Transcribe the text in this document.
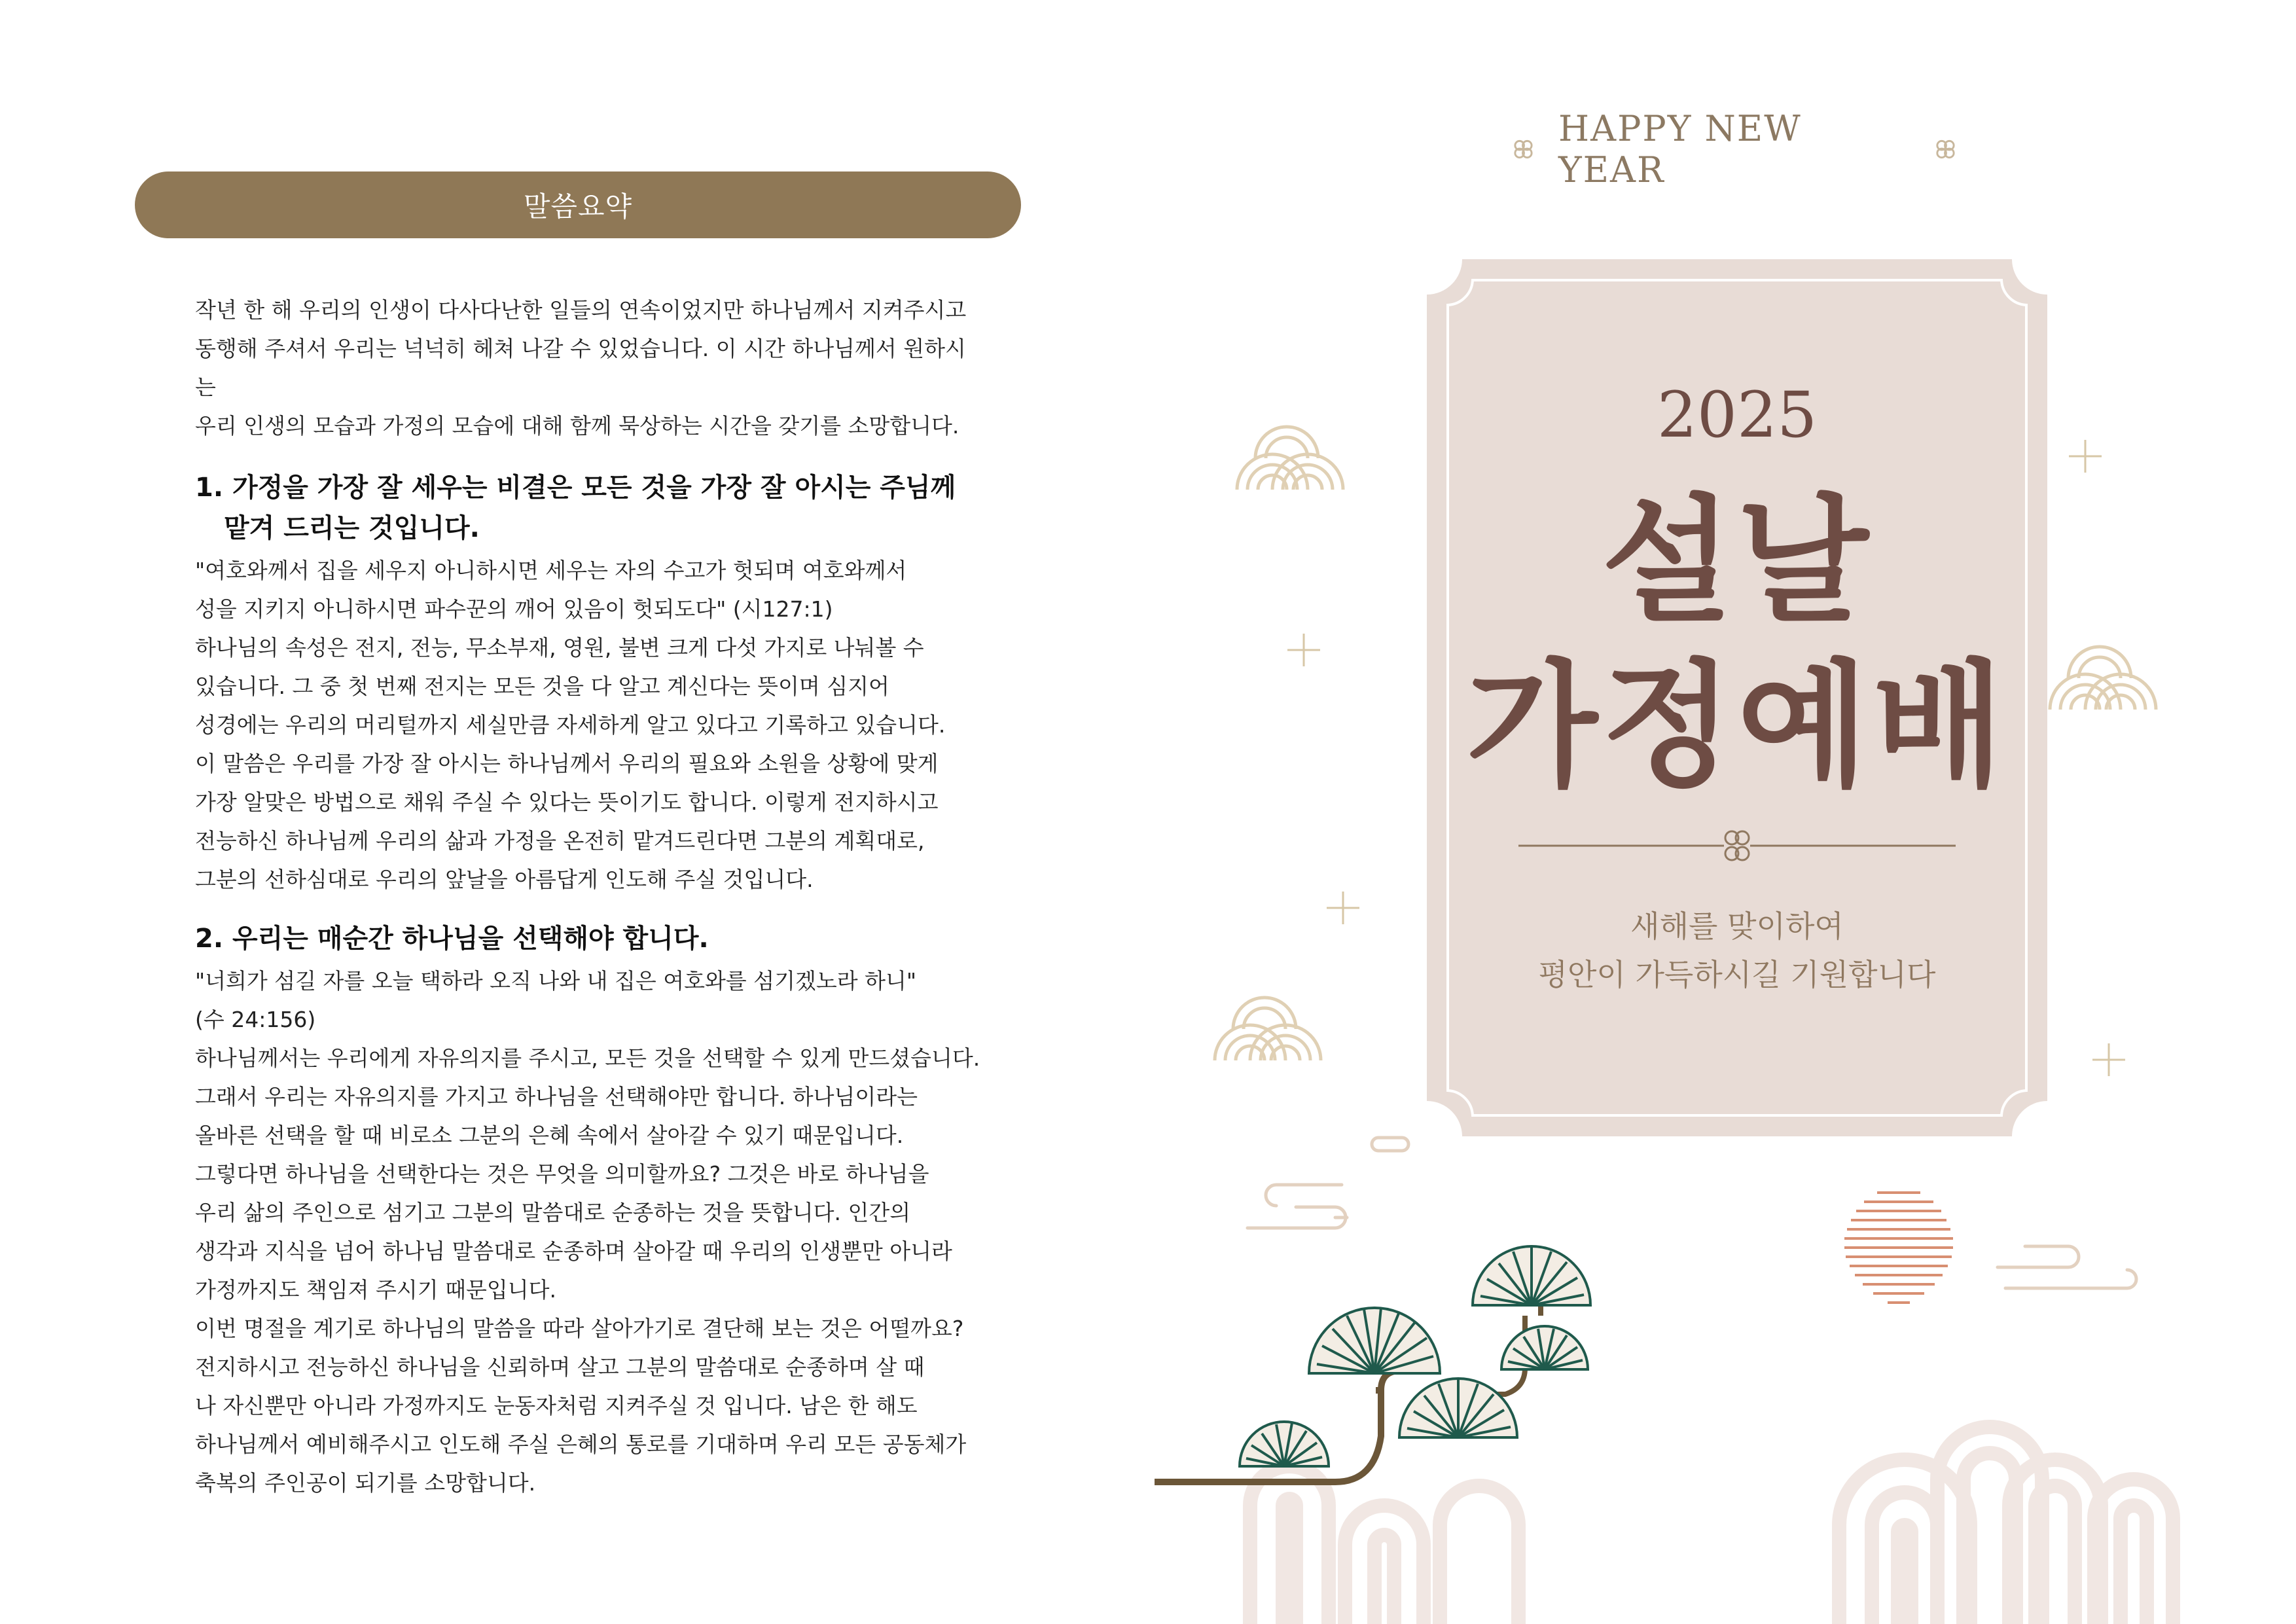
말씀요약

작년 한 해 우리의 인생이 다사다난한 일들의 연속이었지만 하나님께서 지켜주시고

동행해 주셔서 우리는 넉넉히 헤쳐 나갈 수 있었습니다. 이 시간 하나님께서 원하시는

우리 인생의 모습과 가정의 모습에 대해 함께 묵상하는 시간을 갖기를 소망합니다.

1. 가정을 가장 잘 세우는 비결은 모든 것을 가장 잘 아시는 주님께
맡겨 드리는 것입니다.

"여호와께서 집을 세우지 아니하시면 세우는 자의 수고가 헛되며 여호와께서

성을 지키지 아니하시면 파수꾼의 깨어 있음이 헛되도다" (시127:1)

하나님의 속성은 전지, 전능, 무소부재, 영원, 불변 크게 다섯 가지로 나눠볼 수

있습니다. 그 중 첫 번째 전지는 모든 것을 다 알고 계신다는 뜻이며 심지어

성경에는 우리의 머리털까지 세실만큼 자세하게 알고 있다고 기록하고 있습니다.

이 말씀은 우리를 가장 잘 아시는 하나님께서 우리의 필요와 소원을 상황에 맞게

가장 알맞은 방법으로 채워 주실 수 있다는 뜻이기도 합니다. 이렇게 전지하시고

전능하신 하나님께 우리의 삶과 가정을 온전히 맡겨드린다면 그분의 계획대로,

그분의 선하심대로 우리의 앞날을 아름답게 인도해 주실 것입니다.

2. 우리는 매순간 하나님을 선택해야 합니다.

"너희가 섬길 자를 오늘 택하라 오직 나와 내 집은 여호와를 섬기겠노라 하니"

(수 24:156)

하나님께서는 우리에게 자유의지를 주시고, 모든 것을 선택할 수 있게 만드셨습니다.

그래서 우리는 자유의지를 가지고 하나님을 선택해야만 합니다. 하나님이라는

올바른 선택을 할 때 비로소 그분의 은혜 속에서 살아갈 수 있기 때문입니다.

그렇다면 하나님을 선택한다는 것은 무엇을 의미할까요? 그것은 바로 하나님을

우리 삶의 주인으로 섬기고 그분의 말씀대로 순종하는 것을 뜻합니다. 인간의

생각과 지식을 넘어 하나님 말씀대로 순종하며 살아갈 때 우리의 인생뿐만 아니라

가정까지도 책임져 주시기 때문입니다.

이번 명절을 계기로 하나님의 말씀을 따라 살아가기로 결단해 보는 것은 어떨까요?

전지하시고 전능하신 하나님을 신뢰하며 살고 그분의 말씀대로 순종하며 살 때

나 자신뿐만 아니라 가정까지도 눈동자처럼 지켜주실 것 입니다. 남은 한 해도

하나님께서 예비해주시고 인도해 주실 은혜의 통로를 기대하며 우리 모든 공동체가

축복의 주인공이 되기를 소망합니다.

HAPPY NEW YEAR
2025
설날
가정예배
새해를 맞이하여
평안이 가득하시길 기원합니다
